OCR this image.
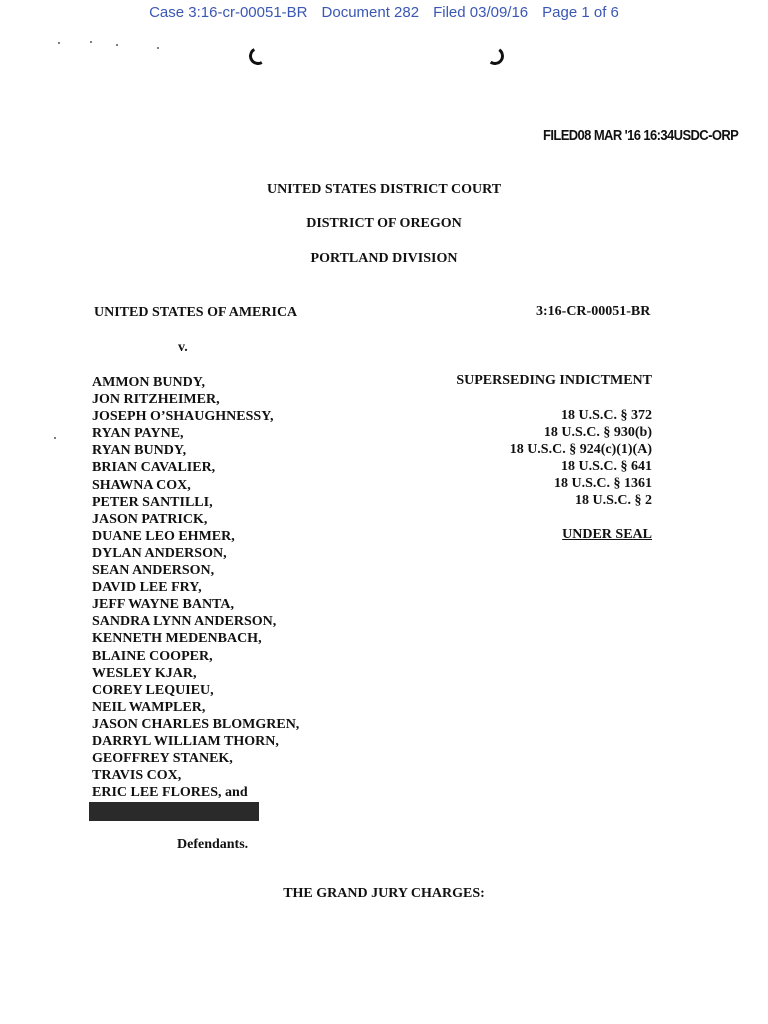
Case 3:16-cr-00051-BR Document 282 Filed 03/09/16 Page 1 of 6
FILED08 MAR '16 16:34USDC-ORP
UNITED STATES DISTRICT COURT
DISTRICT OF OREGON
PORTLAND DIVISION
UNITED STATES OF AMERICA	3:16-CR-00051-BR
v.
AMMON BUNDY,
JON RITZHEIMER,
JOSEPH O’SHAUGHNESSY,
RYAN PAYNE,
RYAN BUNDY,
BRIAN CAVALIER,
SHAWNA COX,
PETER SANTILLI,
JASON PATRICK,
DUANE LEO EHMER,
DYLAN ANDERSON,
SEAN ANDERSON,
DAVID LEE FRY,
JEFF WAYNE BANTA,
SANDRA LYNN ANDERSON,
KENNETH MEDENBACH,
BLAINE COOPER,
WESLEY KJAR,
COREY LEQUIEU,
NEIL WAMPLER,
JASON CHARLES BLOMGREN,
DARRYL WILLIAM THORN,
GEOFFREY STANEK,
TRAVIS COX,
ERIC LEE FLORES, and
SUPERSEDING INDICTMENT
18 U.S.C. § 372
18 U.S.C. § 930(b)
18 U.S.C. § 924(c)(1)(A)
18 U.S.C. § 641
18 U.S.C. § 1361
18 U.S.C. § 2
UNDER SEAL
Defendants.
THE GRAND JURY CHARGES:
